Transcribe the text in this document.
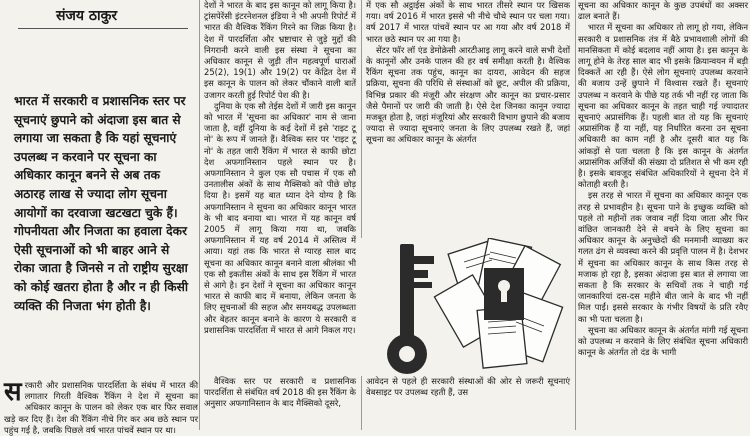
संजय ठाकुर
भारत में सरकारी व प्रशासनिक स्तर पर सूचनाएं छुपाने को अंदाजा इस बात से लगाया जा सकता है कि यहां सूचनाएं उपलब्ध न करवाने पर सूचना का अधिकार कानून बनने से अब तक अठारह लाख से ज्यादा लोग सूचना आयोगों का दरवाजा खटखटा चुके हैं। गोपनीयता और निजता का हवाला देकर ऐसी सूचनाओं को भी बाहर आने से रोका जाता है जिनसे न तो राष्ट्रीय सुरक्षा को कोई खतरा होता है और न ही किसी व्यक्ति की निजता भंग होती है।
स रकारी और प्रशासनिक पारदर्शिता के संबंध में भारत की लगातार गिरती वैश्विक रैंकिंग ने देश में सूचना का अधिकार कानून के पालन को लेकर एक बार फिर सवाल खड़े कर दिए हैं। देश की रैंकिंग नीचे गिर कर अब छठे स्थान पर पहुंच गई है, जबकि पिछले वर्ष भारत पांचवें स्थान पर था।

देशों ने भारत के बाद इस कानून को लागू किया है। ट्रांसपेरेंसी इंटरनेशनल इंडिया ने भी अपनी रिपोर्ट में भारत की वैश्विक रैंकिंग गिरने का जिक्र किया है। देश में पारदर्शिता और भ्रष्टाचार से जुड़े मुद्दों की निगरानी करने वाली इस संस्था ने सूचना का अधिकार कानून से जुड़ी तीन महत्वपूर्ण धाराओं 25(2), 19(1) और 19(2) पर केंद्रित देश में इस कानून के पालन को लेकर चौंकाने वाली बातें उजागर करती हुई रिपोर्ट पेश की है।

दुनिया के एक सौ तेईस देशों में जारी इस कानून को भारत में 'सूचना का अधिकार' नाम से जाना जाता है, वहीं दुनिया के कई देशों में इसे 'राइट टू नो' के रूप में जानते हैं। वैश्विक स्तर पर 'राइट टू नो' के तहत जारी रैंकिंग में भारत से काफी छोटा देश अफगानिस्तान पहले स्थान पर है। अफगानिस्तान ने कुल एक सौ पचास में एक सौ उनतालीस अंकों के साथ मैक्सिको को पीछे छोड़ दिया है। इसमें यह बात ध्यान देने योग्य है कि अफगानिस्तान ने सूचना का अधिकार कानून भारत के भी बाद बनाया था। भारत में यह कानून वर्ष 2005 में लागू किया गया था, जबकि अफगानिस्तान में यह वर्ष 2014 में अस्तित्व में आया। यहां तक कि भारत से ग्यारह साल बाद सूचना का अधिकार कानून बनाने वाला श्रीलंका भी एक सौ इकतीस अंकों के साथ इस रैंकिंग में भारत से आगे है। इन देशों ने सूचना का अधिकार कानून भारत से काफी बाद में बनाया, लेकिन जनता के लिए सूचनाओं की सहज और समयबद्ध उपलब्धता और बेहतर कानून बनाने के कारण ये सरकारी व प्रशासनिक पारदर्शिता में भारत से आगे निकल गए।

वैश्विक स्तर पर सरकारी व प्रशासनिक पारदर्शिता से संबंधित वर्ष 2018 की इस रैंकिंग के अनुसार अफगानिस्तान के बाद मैक्सिको दूसरे,

में एक सौ अट्ठाईस अंकों के साथ भारत तीसरे स्थान पर खिसक गया। वर्ष 2016 में भारत इससे भी नीचे चौथे स्थान पर चला गया। वर्ष 2017 में भारत पांचवें स्थान पर आ गया और वर्ष 2018 में भारत छठे स्थान पर आ गया है।

सेंटर फॉर लॉ एंड डेमोक्रेसी आरटीआइ लागू करने वाले सभी देशों के कानूनों और उनके पालन की हर वर्ष समीक्षा करती है। वैश्विक रैंकिंग सूचना तक पहुंच, कानून का दायरा, आवेदन की सहज प्रक्रिया, सूचना की परिधि से संस्थाओं को छूट, अपील की प्रक्रिया, विभिन्न प्रकार की मंजूरी और संरक्षण और कानून का प्रचार-प्रसार जैसे पैमानों पर जारी की जाती है। ऐसे देश जिनका कानून ज्यादा मजबूत होता है, जहां मंजूरियां और सरकारी विभाग छुपाने की बजाय ज्यादा से ज्यादा सूचनाएं जनता के लिए उपलब्ध रखते हैं, जहां सूचना का अधिकार कानून के अंतर्गत

आवेदन से पहले ही सरकारी संस्थाओं की ओर से जरूरी सूचनाएं वेबसाइट पर उपलब्ध रहती हैं, उस

सूचना का अधिकार कानून के कुछ उपबंधों का अक्सर ढाल बनाते हैं।

भारत में सूचना का अधिकार तो लागू हो गया, लेकिन सरकारी व प्रशासनिक तंत्र में बैठे प्रभावशाली लोगों की मानसिकता में कोई बदलाव नहीं आया है। इस कानून के लागू होने के तेरह साल बाद भी इसके क्रियान्वयन में बड़ी दिक्कतें आ रही हैं। ऐसे लोग सूचनाएं उपलब्ध करवाने की बजाय उन्हें छुपाने में विश्वास रखते हैं। सूचनाएं उपलब्ध न करवाने के पीछे यह तर्क भी नहीं रह जाता कि सूचना का अधिकार कानून के तहत चाही गई ज्यादातर सूचनाएं अप्रासंगिक हैं। पहली बात तो यह कि सूचनाएं अप्रासंगिक हैं या नहीं, यह निर्धारित करना उन सूचना अधिकारी का काम नहीं है और दूसरी बात यह कि आंकड़ों से पता चलता है कि इस कानून के अंतर्गत अप्रासंगिक अर्जियों की संख्या दो प्रतिशत से भी कम रही है। इसके बावजूद संबंधित अधिकारियों ने सूचना देने में कोताही बरती है।

इस तरह से भारत में सूचना का अधिकार कानून एक तरह से प्रभावहीन है। सूचना पाने के इच्छुक व्यक्ति को पहले तो महीनों तक जवाब नहीं दिया जाता और फिर वांछित जानकारी देने से बचने के लिए सूचना का अधिकार कानून के अनुच्छेदों की मनमानी व्याख्या कर गलत ढंग से व्यवस्था करने की प्रवृत्ति पालन में है। देशभर में सूचना का अधिकार कानून के साथ किस तरह से मजाक हो रहा है, इसका अंदाजा इस बात से लगाया जा सकता है कि सरकार के सचिवों तक ने चाही गई जानकारियां दस-दस महीने बीत जाने के बाद भी नहीं मिल पाईं। इससे सरकार के गंभीर विषयों के प्रति रवैए का भी पता चलता है।

सूचना का अधिकार कानून के अंतर्गत मांगी गई सूचना को उपलब्ध न करवाने के लिए संबंधित सूचना अधिकारी कानून के अंतर्गत तो दंड के भागी
